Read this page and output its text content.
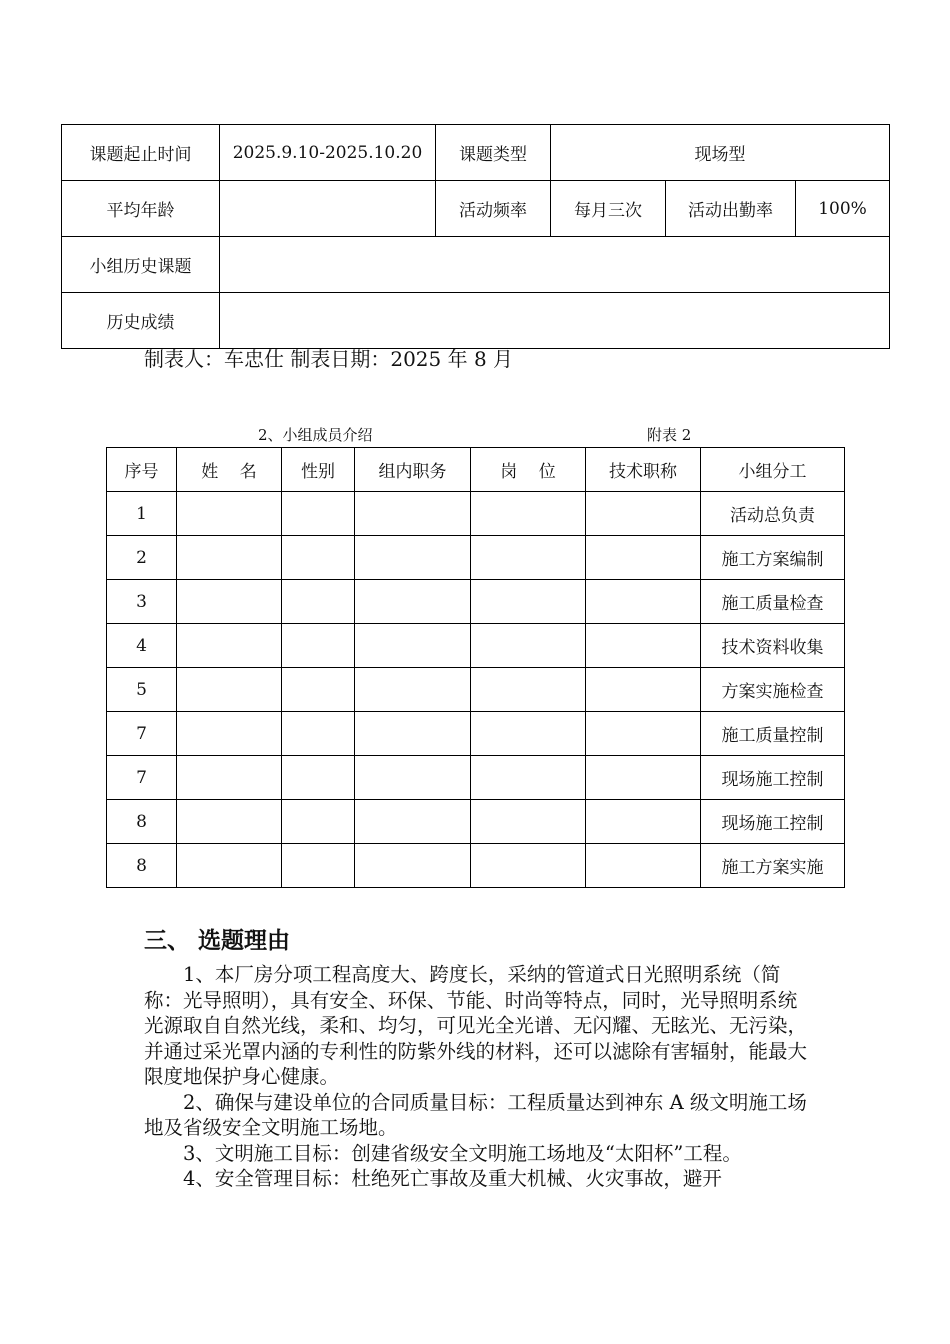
课题起止时间	2025.9.10-2025.10.20	课题类型	现场型		
平均年龄		活动频率	每月三次	活动出勤率	100%
小组历史课题					
历史成绩					
制表人：车忠仕 制表日期：2025 年 8 月
2、小组成员介绍	附表 2
序号	姓    名	性别	组内职务	岗    位	技术职称	小组分工
1						活动总负责
2						施工方案编制
3						施工质量检查
4						技术资料收集
5						方案实施检查
7						施工质量控制
7						现场施工控制
8						现场施工控制
8						施工方案实施
三、 选题理由

1、本厂房分项工程高度大、跨度长，采纳的管道式日光照明系统（简称：光导照明），具有安全、环保、节能、时尚等特点，同时，光导照明系统光源取自自然光线，柔和、均匀，可见光全光谱、无闪耀、无眩光、无污染，并通过采光罩内涵的专利性的防紫外线的材料，还可以滤除有害辐射，能最大限度地保护身心健康。

2、确保与建设单位的合同质量目标：工程质量达到神东 A 级文明施工场地及省级安全文明施工场地。

3、文明施工目标：创建省级安全文明施工场地及“太阳杯”工程。

4、安全管理目标：杜绝死亡事故及重大机械、火灾事故，避开
